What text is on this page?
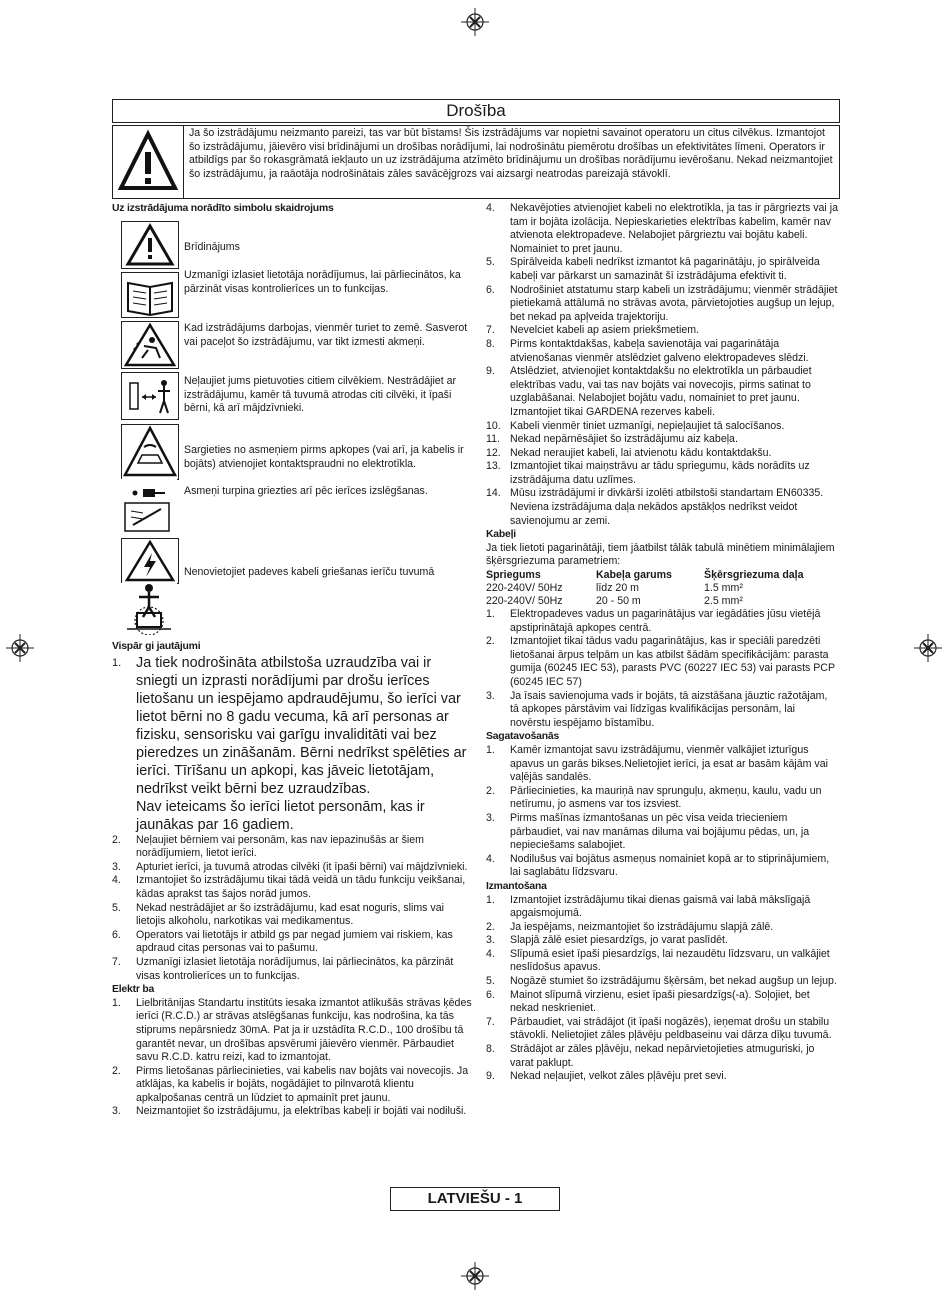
Drošība
Ja šo izstrādājumu neizmanto pareizi, tas var būt bīstams! Šis izstrādājums var nopietni savainot operatoru un citus cilvēkus. Izmantojot šo izstrādājumu, jāievēro visi brīdinājumi un drošības norādījumi, lai nodrošinātu piemērotu drošības un efektivitātes līmeni. Operators ir atbildīgs par šo rokasgrāmatā iekļauto un uz izstrādājuma atzīmēto brīdinājumu un drošības norādījumu ievērošanu. Nekad neizmantojiet šo izstrādājumu, ja raāotāja nodrošinātais zāles savācējgrozs vai aizsargi neatrodas pareizajā stāvoklī.

Uz izstrādājuma norādīto simbolu skaidrojums

Brīdinājums
Uzmanīgi izlasiet lietotāja norādījumus, lai pārliecinātos, ka pārzināt visas kontrolierīces un to funkcijas.
Kad izstrādājums darbojas, vienmēr turiet to zemē. Sasverot vai paceļot šo izstrādājumu, var tikt izmesti akmeņi.
Neļaujiet jums pietuvoties citiem cilvēkiem. Nestrādājiet ar izstrādājumu, kamēr tā tuvumā atrodas citi cilvēki, it īpaši bērni, kā arī mājdzīvnieki.
Sargieties no asmeņiem pirms apkopes (vai arī, ja kabelis ir bojāts) atvienojiet kontaktspraudni no elektrotīkla.
Asmeņi turpina griezties arī pēc ierīces izslēgšanas.
Nenovietojiet padeves kabeli griešanas ierīču tuvumā

Vispār gi jautājumi

1. Ja tiek nodrošināta atbilstoša uzraudzība vai ir sniegti un izprasti norādījumi par drošu ierīces lietošanu un iespējamo apdraudējumu, šo ierīci var lietot bērni no 8 gadu vecuma, kā arī personas ar fizisku, sensorisku vai garīgu invaliditāti vai bez pieredzes un zināšanām. Bērni nedrīkst spēlēties ar ierīci. Tīrīšanu un apkopi, kas jāveic lietotājam, nedrīkst veikt bērni bez uzraudzības.
Nav ieteicams šo ierīci lietot personām, kas ir jaunākas par 16 gadiem.
2. Neļaujiet bērniem vai personām, kas nav iepazinušās ar šiem norādījumiem, lietot ierīci.
3. Apturiet ierīci, ja tuvumā atrodas cilvēki (it īpaši bērni) vai mājdzīvnieki.
4. Izmantojiet šo izstrādājumu tikai tādā veidā un tādu funkciju veikšanai, kādas aprakst tas šajos norād jumos.
5. Nekad nestrādājiet ar šo izstrādājumu, kad esat noguris, slims vai lietojis alkoholu, narkotikas vai medikamentus.
6. Operators vai lietotājs ir atbild gs par negad jumiem vai riskiem, kas apdraud citas personas vai to pašumu.
7. Uzmanīgi izlasiet lietotāja norādījumus, lai pārliecinātos, ka pārzināt visas kontrolierīces un to funkcijas.

Elektr ba

1. Lielbritānijas Standartu institūts iesaka izmantot atlikušās strāvas ķēdes ierīci (R.C.D.) ar strāvas atslēgšanas funkciju, kas nodrošina, ka tās stiprums nepārsniedz 30mA. Pat ja ir uzstādīta R.C.D., 100 drošību tā garantēt nevar, un drošības apsvērumi jāievēro vienmēr. Pārbaudiet savu R.C.D. katru reizi, kad to izmantojat.
2. Pirms lietošanas pārliecinieties, vai kabelis nav bojāts vai novecojis. Ja atklājas, ka kabelis ir bojāts, nogādājiet to pilnvarotā klientu apkalpošanas centrā un lūdziet to apmainīt pret jaunu.
3. Neizmantojiet šo izstrādājumu, ja elektrības kabeļi ir bojāti vai nodiluši.
4. Nekavējoties atvienojiet kabeli no elektrotīkla, ja tas ir pārgriezts vai ja tam ir bojāta izolācija. Nepieskarieties elektrības kabelim, kamēr nav atvienota elektropadeve. Nelabojiet pārgrieztu vai bojātu kabeli. Nomainiet to pret jaunu.
5. Spirālveida kabeli nedrīkst izmantot kā pagarinātāju, jo spirālveida kabeļi var pārkarst un samazināt šī izstrādājuma efektivit ti.
6. Nodrošiniet atstatumu starp kabeli un izstrādājumu; vienmēr strādājiet pietiekamā attālumā no strāvas avota, pārvietojoties augšup un lejup, bet nekad pa apļveida trajektoriju.
7. Nevelciet kabeli ap asiem priekšmetiem.
8. Pirms kontaktdakšas, kabeļa savienotāja vai pagarinātāja atvienošanas vienmēr atslēdziet galveno elektropadeves slēdzi.
9. Atslēdziet, atvienojiet kontaktdakšu no elektrotīkla un pārbaudiet elektrības vadu, vai tas nav bojāts vai novecojis, pirms satinat to uzglabāšanai. Nelabojiet bojātu vadu, nomainiet to pret jaunu. Izmantojiet tikai GARDENA rezerves kabeli.
10. Kabeli vienmēr tiniet uzmanīgi, nepieļaujiet tā salocīšanos.
11. Nekad nepārnēsājiet šo izstrādājumu aiz kabeļa.
12. Nekad neraujiet kabeli, lai atvienotu kādu kontaktdakšu.
13. Izmantojiet tikai maiņstrāvu ar tādu spriegumu, kāds norādīts uz izstrādājuma datu uzlīmes.
14. Mūsu izstrādājumi ir divkārši izolēti atbilstoši standartam EN60335. Neviena izstrādājuma daļa nekādos apstākļos nedrīkst veidot savienojumu ar zemi.

Kabeļi

Ja tiek lietoti pagarinātāji, tiem jāatbilst tālāk tabulā minētiem minimālajiem šķērsgriezuma parametriem:
Spriegums	Kabeļa garums	Šķērsgriezuma daļa
220-240V/ 50Hz	līdz 20 m	1.5 mm²
220-240V/ 50Hz	20 - 50 m	2.5 mm²
1. Elektropadeves vadus un pagarinātājus var iegādāties jūsu vietējā apstiprinātajā apkopes centrā.
2. Izmantojiet tikai tādus vadu pagarinātājus, kas ir speciāli paredzēti lietošanai ārpus telpām un kas atbilst šādām specifikācijām: parasta gumija (60245 IEC 53), parasts PVC (60227 IEC 53) vai parasts PCP (60245 IEC 57)
3. Ja īsais savienojuma vads ir bojāts, tā aizstāšana jāuztic ražotājam, tā apkopes pārstāvim vai līdzīgas kvalifikācijas personām, lai novērstu iespējamo bīstamību.

Sagatavošanās

1. Kamēr izmantojat savu izstrādājumu, vienmēr valkājiet izturīgus apavus un garās bikses.Nelietojiet ierīci, ja esat ar basām kājām vai vaļējās sandalēs.
2. Pārliecinieties, ka mauriņā nav sprunguļu, akmeņu, kaulu, vadu un netīrumu, jo asmens var tos izsviest.
3. Pirms mašīnas izmantošanas un pēc visa veida triecieniem pārbaudiet, vai nav manāmas diluma vai bojājumu pēdas, un, ja nepieciešams salabojiet.
4. Nodilušus vai bojātus asmeņus nomainiet kopā ar to stiprinājumiem, lai saglabātu līdzsvaru.

Izmantošana

1. Izmantojiet izstrādājumu tikai dienas gaismā vai labā mākslīgajā apgaismojumā.
2. Ja iespējams, neizmantojiet šo izstrādājumu slapjā zālē.
3. Slapjā zālē esiet piesardzīgs, jo varat paslīdēt.
4. Slīpumā esiet īpaši piesardzīgs, lai nezaudētu līdzsvaru, un valkājiet neslīdošus apavus.
5. Nogāzē stumiet šo izstrādājumu šķērsām, bet nekad augšup un lejup.
6. Mainot slīpumā virzienu, esiet īpaši piesardzīgs(-a). Soļojiet, bet nekad neskrieniet.
7. Pārbaudiet, vai strādājot (it īpaši nogāzēs), ieņemat drošu un stabilu stāvokli. Nelietojiet zāles pļāvēju peldbaseinu vai dārza dīķu tuvumā.
8. Strādājot ar zāles pļāvēju, nekad nepārvietojieties atmuguriski, jo varat paklupt.
9. Nekad neļaujiet, velkot zāles pļāvēju pret sevi.
LATVIEŠU - 1
